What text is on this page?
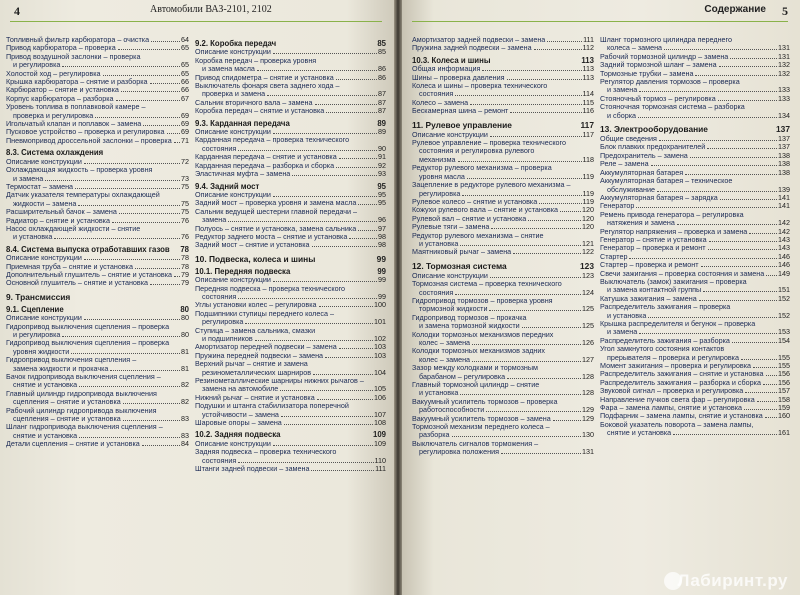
4	Автомобили ВАЗ-2101, 2102
Топливный фильтр карбюратора – очистка	64
Привод карбюратора – проверка	65
Привод воздушной заслонки – проверка
и регулировка	65
Холостой ход – регулировка	65
Крышка карбюратора – снятие и разборка	66
Карбюратор – снятие и установка	66
Корпус карбюратора – разборка	67
Уровень топлива в поплавковой камере –
проверка и регулировка	69
Игольчатый клапан и поплавок – замена	69
Пусковое устройство – проверка и регулировка 69
Пневмопривод дроссельной заслонки – проверка 71
8.3. Система охлаждения
Описание конструкции	72
Охлаждающая жидкость – проверка уровня
и замена	73
Термостат – замена	75
Датчик указателя температуры охлаждающей
жидкости – замена	75
Расширительный бачок – замена	75
Радиатор – снятие и установка	76
Насос охлаждающей жидкости – снятие
и установка	76
8.4. Система выпуска отработавших газов 78
Описание конструкции	78
Приемная труба – снятие и установка	78
Дополнительный глушитель – снятие и установка 79
Основной глушитель – снятие и установка	79
9. Трансмиссия
9.1. Сцепление	80
Описание конструкции	80
Гидропривод выключения сцепления – проверка
и регулировка	80
Гидропривод выключения сцепления – проверка
уровня жидкости	81
Гидропривод выключения сцепления –
замена жидкости и прокачка	81
Бачок гидропривода выключения сцепления –
снятие и установка	82
Главный цилиндр гидропривода выключения
сцепления – снятие и установка	82
Рабочий цилиндр гидропривода выключения
сцепления – снятие и установка	83
Шланг гидропривода выключения сцепления –
снятие и установка	83
Детали сцепления – снятие и установка	84
9.2. Коробка передач	85
Описание конструкции	85
Коробка передач – проверка уровня
и замена масла	86
Привод спидометра – снятие и установка	86
Выключатель фонаря света заднего хода –
проверка и замена	87
Сальник вторичного вала – замена	87
Коробка передач – снятие и установка	87
9.3. Карданная передача	89
Описание конструкции	89
Карданная передача – проверка технического
состояния	90
Карданная передача – снятие и установка	91
Карданная передача – разборка и сборка	92
Эластичная муфта – замена	93
9.4. Задний мост	95
Описание конструкции	95
Задний мост – проверка уровня и замена масла	95
Сальник ведущей шестерни главной передачи –
замена	96
Полуось – снятие и установка, замена сальника	97
Редуктор заднего моста – снятие и установка	98
Задний мост – снятие и установка	98
10. Подвеска, колеса и шины	99
10.1. Передняя подвеска	99
Описание конструкции	99
Передняя подвеска – проверка технического
состояния	99
Углы установки колес – регулировка	100
Подшипники ступицы переднего колеса –
регулировка	101
Ступица – замена сальника, смазки
и подшипников	102
Амортизатор передней подвески – замена	103
Пружина передней подвески – замена	103
Верхний рычаг – снятие и замена
резинометаллических шарниров	104
Резинометаллические шарниры нижних рычагов –
замена на автомобиле	105
Нижний рычаг – снятие и установка	106
Подушки и штанга стабилизатора поперечной
устойчивости – замена	107
Шаровые опоры – замена	108
10.2. Задняя подвеска	109
Описание конструкции	109
Задняя подвеска – проверка технического
состояния	110
Штанги задней подвески – замена	111
Содержание 5
Амортизатор задней подвески – замена	111
Пружина задней подвески – замена	112
10.3. Колеса и шины	113
Общая информация	113
Шины – проверка давления	113
Колеса и шины – проверка технического
состояния	114
Колесо – замена	115
Бескамерная шина – ремонт	116
11. Рулевое управление	117
Описание конструкции	117
Рулевое управление – проверка технического
состояния и регулировка рулевого
механизма	118
Редуктор рулевого механизма – проверка
уровня масла	119
Зацепление в редукторе рулевого механизма –
регулировка	119
Рулевое колесо – снятие и установка	119
Кожухи рулевого вала – снятие и установка	120
Рулевой вал – снятие и установка	120
Рулевые тяги – замена	120
Редуктор рулевого механизма – снятие
и установка	121
Маятниковый рычаг – замена	122
12. Тормозная система	123
Описание конструкции	123
Тормозная система – проверка технического
состояния	124
Гидропривод тормозов – проверка уровня
тормозной жидкости	125
Гидропривод тормозов – прокачка
и замена тормозной жидкости	125
Колодки тормозных механизмов передних
колес – замена	126
Колодки тормозных механизмов задних
колес – замена	127
Зазор между колодками и тормозным
барабаном – регулировка	128
Главный тормозной цилиндр – снятие
и установка	128
Вакуумный усилитель тормозов – проверка
работоспособности	129
Вакуумный усилитель тормозов – замена	129
Тормозной механизм переднего колеса –
разборка	130
Выключатель сигналов торможения –
регулировка положения	131
Шланг тормозного цилиндра переднего
колеса – замена	131
Рабочий тормозной цилиндр – замена	131
Задний тормозной шланг – замена	132
Тормозные трубки – замена	132
Регулятор давления тормозов – проверка
и замена	133
Стояночный тормоз – регулировка	133
Стояночная тормозная система – разборка
и сборка	134
13. Электрооборудование	137
Общие сведения	137
Блок плавких предохранителей	137
Предохранитель – замена	138
Реле – замена	138
Аккумуляторная батарея	138
Аккумуляторная батарея – техническое
обслуживание	139
Аккумуляторная батарея – зарядка	141
Генератор	141
Ремень привода генератора – регулировка
натяжения и замена	142
Регулятор напряжения – проверка и замена	142
Генератор – снятие и установка	143
Генератор – проверка и ремонт	143
Стартер	146
Стартер – проверка и ремонт	146
Свечи зажигания – проверка состояния и замена 149
Выключатель (замок) зажигания – проверка
и замена контактной группы	151
Катушка зажигания – замена	152
Распределитель зажигания – проверка
и установка	152
Крышка распределителя и бегунок – проверка
и замена	153
Распределитель зажигания – разборка	154
Угол замкнутого состояния контактов
прерывателя – проверка и регулировка	155
Момент зажигания – проверка и регулировка	155
Распределитель зажигания – снятие и установка 156
Распределитель зажигания – разборка и сборка 156
Звуковой сигнал – проверка и регулировка	157
Направление пучков света фар – регулировка	158
Фара – замена лампы, снятие и установка	159
Подфарник – замена лампы, снятие и установка 160
Боковой указатель поворота – замена лампы,
снятие и установка	161
Лабиринт.ру
